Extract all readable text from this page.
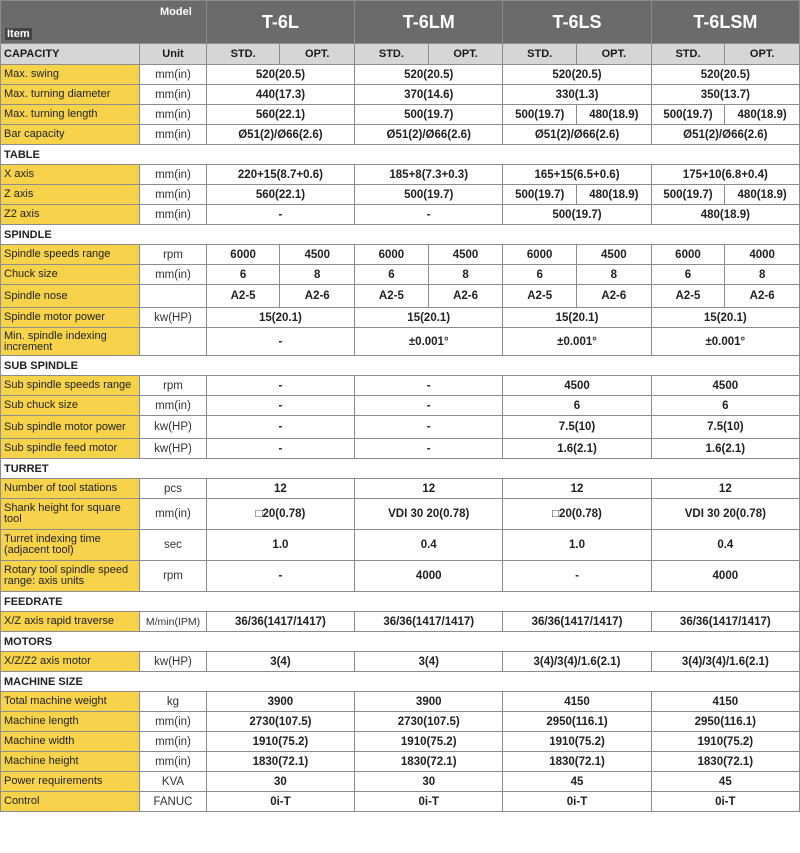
Model
Item		T-6L		T-6LM		T-6LS		T-6LSM	
CAPACITY	Unit	STD.	OPT.	STD.	OPT.	STD.	OPT.	STD.	OPT.
Max. swing	mm(in)	520(20.5)		520(20.5)		520(20.5)		520(20.5)	
Max. turning diameter	mm(in)	440(17.3)		370(14.6)		330(1.3)		350(13.7)	
Max. turning length	mm(in)	560(22.1)		500(19.7)		500(19.7)	480(18.9)	500(19.7)	480(18.9)
Bar capacity	mm(in)	Ø51(2)/Ø66(2.6)		Ø51(2)/Ø66(2.6)		Ø51(2)/Ø66(2.6)		Ø51(2)/Ø66(2.6)	
TABLE									
X axis	mm(in)	220+15(8.7+0.6)		185+8(7.3+0.3)		165+15(6.5+0.6)		175+10(6.8+0.4)	
Z axis	mm(in)	560(22.1)		500(19.7)		500(19.7)	480(18.9)	500(19.7)	480(18.9)
Z2 axis	mm(in)	-		-		500(19.7)		480(18.9)	
SPINDLE									
Spindle speeds range	rpm	6000	4500	6000	4500	6000	4500	6000	4000
Chuck size	mm(in)	6	8	6	8	6	8	6	8
Spindle nose		A2-5	A2-6	A2-5	A2-6	A2-5	A2-6	A2-5	A2-6
Spindle motor power	kw(HP)	15(20.1)		15(20.1)		15(20.1)		15(20.1)	
Min. spindle indexing increment		-		±0.001°		±0.001°		±0.001°	
SUB SPINDLE									
Sub spindle speeds range	rpm	-		-		4500		4500	
Sub chuck size	mm(in)	-		-		6		6	
Sub spindle motor power	kw(HP)	-		-		7.5(10)		7.5(10)	
Sub spindle feed motor	kw(HP)	-		-		1.6(2.1)		1.6(2.1)	
TURRET									
Number of tool stations	pcs	12		12		12		12	
Shank height for square tool	mm(in)	□20(0.78)		VDI 30 20(0.78)		□20(0.78)		VDI 30 20(0.78)	
Turret indexing time (adjacent tool)	sec	1.0		0.4		1.0		0.4	
Rotary tool spindle speed range: axis units	rpm	-		4000		-		4000	
FEEDRATE									
X/Z axis rapid traverse	M/min(IPM)	36/36(1417/1417)		36/36(1417/1417)		36/36(1417/1417)		36/36(1417/1417)	
MOTORS									
X/Z/Z2 axis motor	kw(HP)	3(4)		3(4)		3(4)/3(4)/1.6(2.1)		3(4)/3(4)/1.6(2.1)	
MACHINE SIZE									
Total machine weight	kg	3900		3900		4150		4150	
Machine length	mm(in)	2730(107.5)		2730(107.5)		2950(116.1)		2950(116.1)	
Machine width	mm(in)	1910(75.2)		1910(75.2)		1910(75.2)		1910(75.2)	
Machine height	mm(in)	1830(72.1)		1830(72.1)		1830(72.1)		1830(72.1)	
Power requirements	KVA	30		30		45		45	
Control	FANUC	0i-T		0i-T		0i-T		0i-T	
